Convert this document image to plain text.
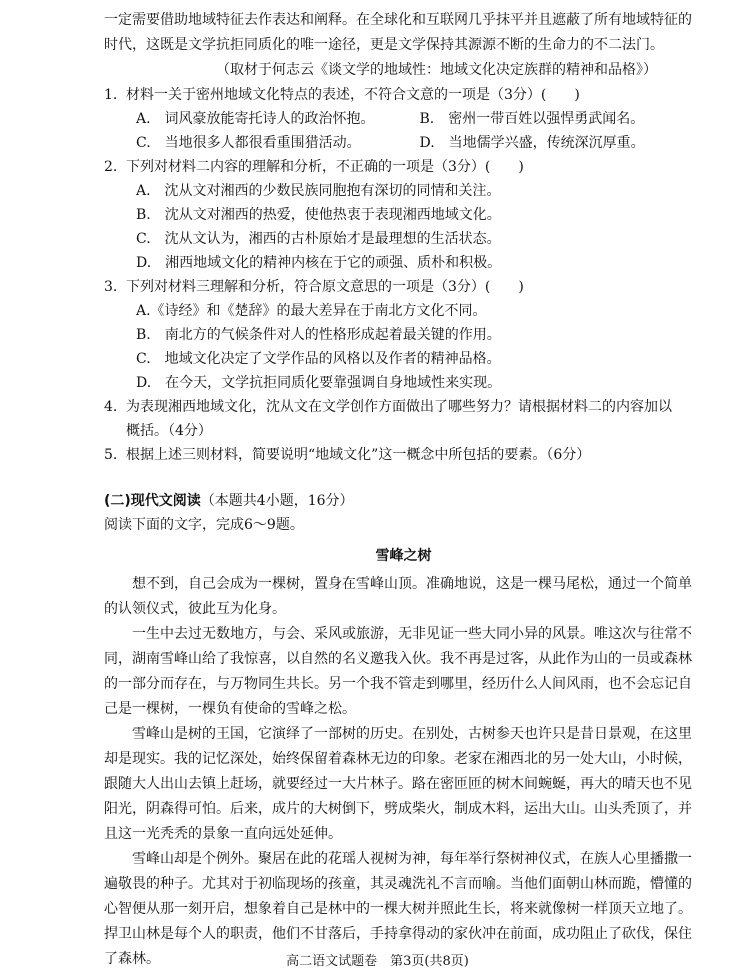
一定需要借助地域特征去作表达和阐释。在全球化和互联网几乎抹平并且遮蔽了所有地域特征的时代，这既是文学抗拒同质化的唯一途径，更是文学保持其源源不断的生命力的不二法门。
（取材于何志云《谈文学的地域性：地域文化决定族群的精神和品格》）

1. 材料一关于密州地域文化特点的表述，不符合文意的一项是（3分）(　　)

A.　词风豪放能寄托诗人的政治怀抱。	B.　密州一带百姓以强悍勇武闻名。
C.　当地很多人都很看重围猎活动。	D.　当地儒学兴盛，传统深沉厚重。

2. 下列对材料二内容的理解和分析，不正确的一项是（3分）(　　)

A.　沈从文对湘西的少数民族同胞抱有深切的同情和关注。

B.　沈从文对湘西的热爱，使他热衷于表现湘西地域文化。

C.　沈从文认为，湘西的古朴原始才是最理想的生活状态。

D.　湘西地域文化的精神内核在于它的顽强、质朴和积极。

3. 下列对材料三理解和分析，符合原文意思的一项是（3分）(　　)

A.《诗经》和《楚辞》的最大差异在于南北方文化不同。

B.　南北方的气候条件对人的性格形成起着最关键的作用。

C.　地域文化决定了文学作品的风格以及作者的精神品格。

D.　在今天，文学抗拒同质化要靠强调自身地域性来实现。

4. 为表现湘西地域文化，沈从文在文学创作方面做出了哪些努力？请根据材料二的内容加以

概括。（4分）

5. 根据上述三则材料，简要说明“地域文化”这一概念中所包括的要素。（6分）

(二)现代文阅读（本题共4小题，16分）

阅读下面的文字，完成6～9题。

雪峰之树

想不到，自己会成为一棵树，置身在雪峰山顶。准确地说，这是一棵马尾松，通过一个简单的认领仪式，彼此互为化身。

一生中去过无数地方，与会、采风或旅游，无非见证一些大同小异的风景。唯这次与往常不同，湖南雪峰山给了我惊喜，以自然的名义邀我入伙。我不再是过客，从此作为山的一员或森林的一部分而存在，与万物同生共长。另一个我不管走到哪里，经历什么人间风雨，也不会忘记自己是一棵树，一棵负有使命的雪峰之松。

雪峰山是树的王国，它演绎了一部树的历史。在别处，古树参天也许只是昔日景观，在这里却是现实。我的记忆深处，始终保留着森林无边的印象。老家在湘西北的另一处大山，小时候，跟随大人出山去镇上赶场，就要经过一大片林子。路在密匝匝的树木间蜿蜒，再大的晴天也不见阳光，阴森得可怕。后来，成片的大树倒下，劈成柴火，制成木料，运出大山。山头秃顶了，并且这一光秃秃的景象一直向远处延伸。

雪峰山却是个例外。聚居在此的花瑶人视树为神，每年举行祭树神仪式，在族人心里播撒一遍敬畏的种子。尤其对于初临现场的孩童，其灵魂洗礼不言而喻。当他们面朝山林而跪，懵懂的心智便从那一刻开启，想象着自己是林中的一棵大树并照此生长，将来就像树一样顶天立地了。捍卫山林是每个人的职责，他们不甘落后，手持拿得动的家伙冲在前面，成功阻止了砍伐，保住了森林。	高二语文试题卷　第3页(共8页)
